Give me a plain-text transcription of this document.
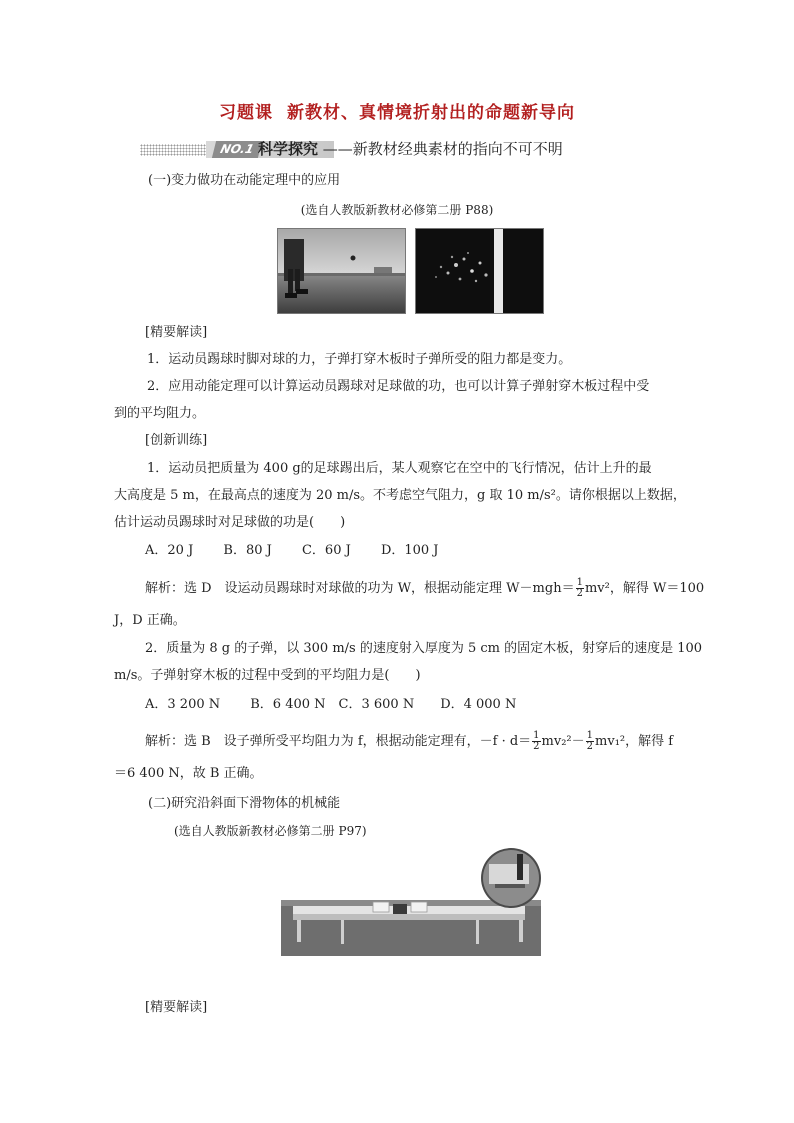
习题课 新教材、真情境折射出的命题新导向
NO.1 科学探究 ——新教材经典素材的指向不可不明
(一)变力做功在动能定理中的应用
(选自人教版新教材必修第二册 P88)
[精要解读]
1．运动员踢球时脚对球的力，子弹打穿木板时子弹所受的阻力都是变力。
2．应用动能定理可以计算运动员踢球对足球做的功，也可以计算子弹射穿木板过程中受
到的平均阻力。
[创新训练]
1．运动员把质量为 400 g的足球踢出后，某人观察它在空中的飞行情况，估计上升的最
大高度是 5 m，在最高点的速度为 20 m/s。不考虑空气阻力，g 取 10 m/s²。请你根据以上数据，
估计运动员踢球时对足球做的功是(　　)
A．20 J　　 B．80 J　　 C．60 J　　 D．100 J
解析：选 D　设运动员踢球时对球做的功为 W，根据动能定理 $W-mgh= \frac{1}{2} mv^2$，解得 W＝100
J，D 正确。
2．质量为 8 g 的子弹，以 300 m/s 的速度射入厚度为 5 cm 的固定木板，射穿后的速度是 100
m/s。子弹射穿木板的过程中受到的平均阻力是(　　)
A．3 200 N　　 B．6 400 N　C．3 600 N　　D．4 000 N
解析：选 B　设子弹所受平均阻力为 f，根据动能定理有，$-f \cdot d= \frac{1}{2} mv_2^2- \frac{1}{2} mv_1^2$，解得 f
＝6 400 N，故 B 正确。
(二)研究沿斜面下滑物体的机械能
(选自人教版新教材必修第二册 P97)
[精要解读]
